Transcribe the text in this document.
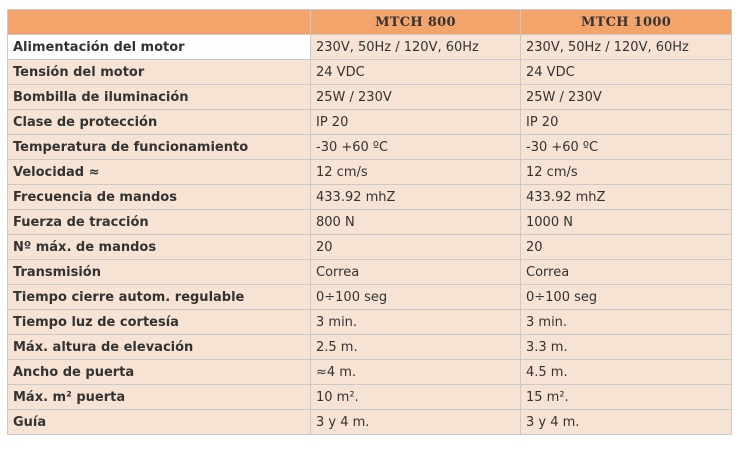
	MTCH 800	MTCH 1000
Alimentación del motor	230V, 50Hz / 120V, 60Hz	230V, 50Hz / 120V, 60Hz
Tensión del motor	24 VDC	24 VDC
Bombilla de iluminación	25W / 230V	25W / 230V
Clase de protección	IP 20	IP 20
Temperatura de funcionamiento	-30 +60 ºC	-30 +60 ºC
Velocidad ≈	12 cm/s	12 cm/s
Frecuencia de mandos	433.92 mhZ	433.92 mhZ
Fuerza de tracción	800 N	1000 N
Nº máx. de mandos	20	20
Transmisión	Correa	Correa
Tiempo cierre autom. regulable	0÷100 seg	0÷100 seg
Tiempo luz de cortesía	3 min.	3 min.
Máx. altura de elevación	2.5 m.	3.3 m.
Ancho de puerta	≈4 m.	4.5 m.
Máx. m² puerta	10 m².	15 m².
Guía	3 y 4 m.	3 y 4 m.
